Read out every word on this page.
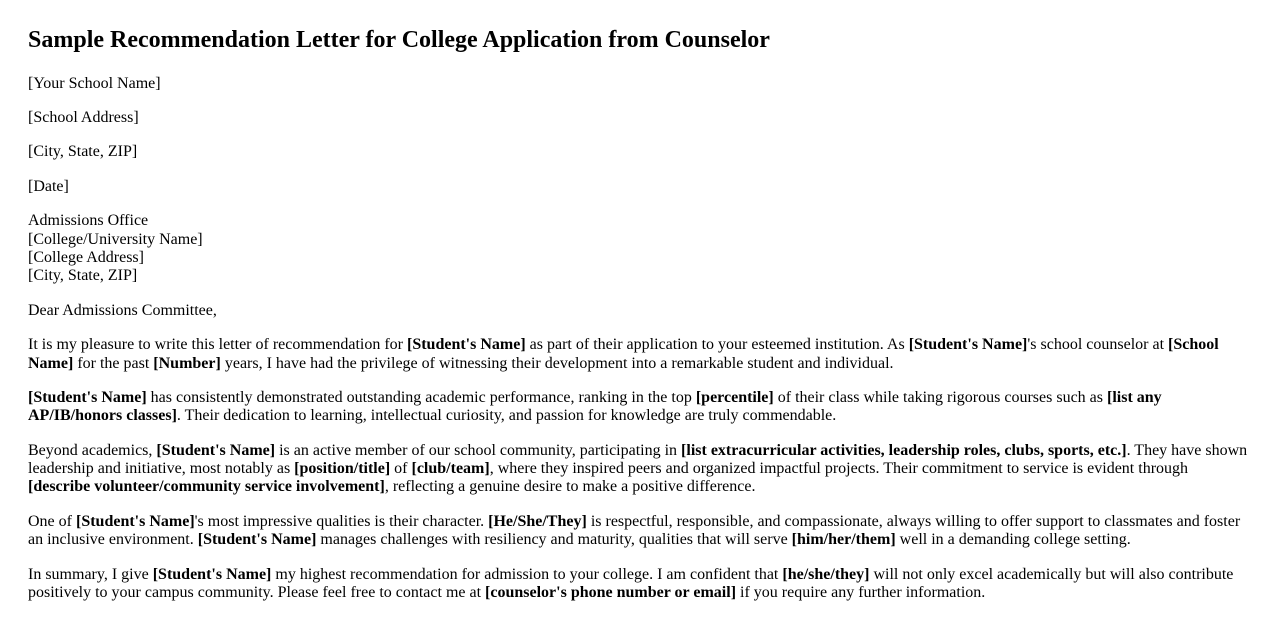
Sample Recommendation Letter for College Application from Counselor

[Your School Name]

[School Address]

[City, State, ZIP]

[Date]

Admissions Office
[College/University Name]
[College Address]
[City, State, ZIP]

Dear Admissions Committee,

It is my pleasure to write this letter of recommendation for [Student's Name] as part of their application to your esteemed institution. As [Student's Name]'s school counselor at [School Name] for the past [Number] years, I have had the privilege of witnessing their development into a remarkable student and individual.

[Student's Name] has consistently demonstrated outstanding academic performance, ranking in the top [percentile] of their class while taking rigorous courses such as [list any AP/IB/honors classes]. Their dedication to learning, intellectual curiosity, and passion for knowledge are truly commendable.

Beyond academics, [Student's Name] is an active member of our school community, participating in [list extracurricular activities, leadership roles, clubs, sports, etc.]. They have shown leadership and initiative, most notably as [position/title] of [club/team], where they inspired peers and organized impactful projects. Their commitment to service is evident through [describe volunteer/community service involvement], reflecting a genuine desire to make a positive difference.

One of [Student's Name]'s most impressive qualities is their character. [He/She/They] is respectful, responsible, and compassionate, always willing to offer support to classmates and foster an inclusive environment. [Student's Name] manages challenges with resiliency and maturity, qualities that will serve [him/her/them] well in a demanding college setting.

In summary, I give [Student's Name] my highest recommendation for admission to your college. I am confident that [he/she/they] will not only excel academically but will also contribute positively to your campus community. Please feel free to contact me at [counselor's phone number or email] if you require any further information.
